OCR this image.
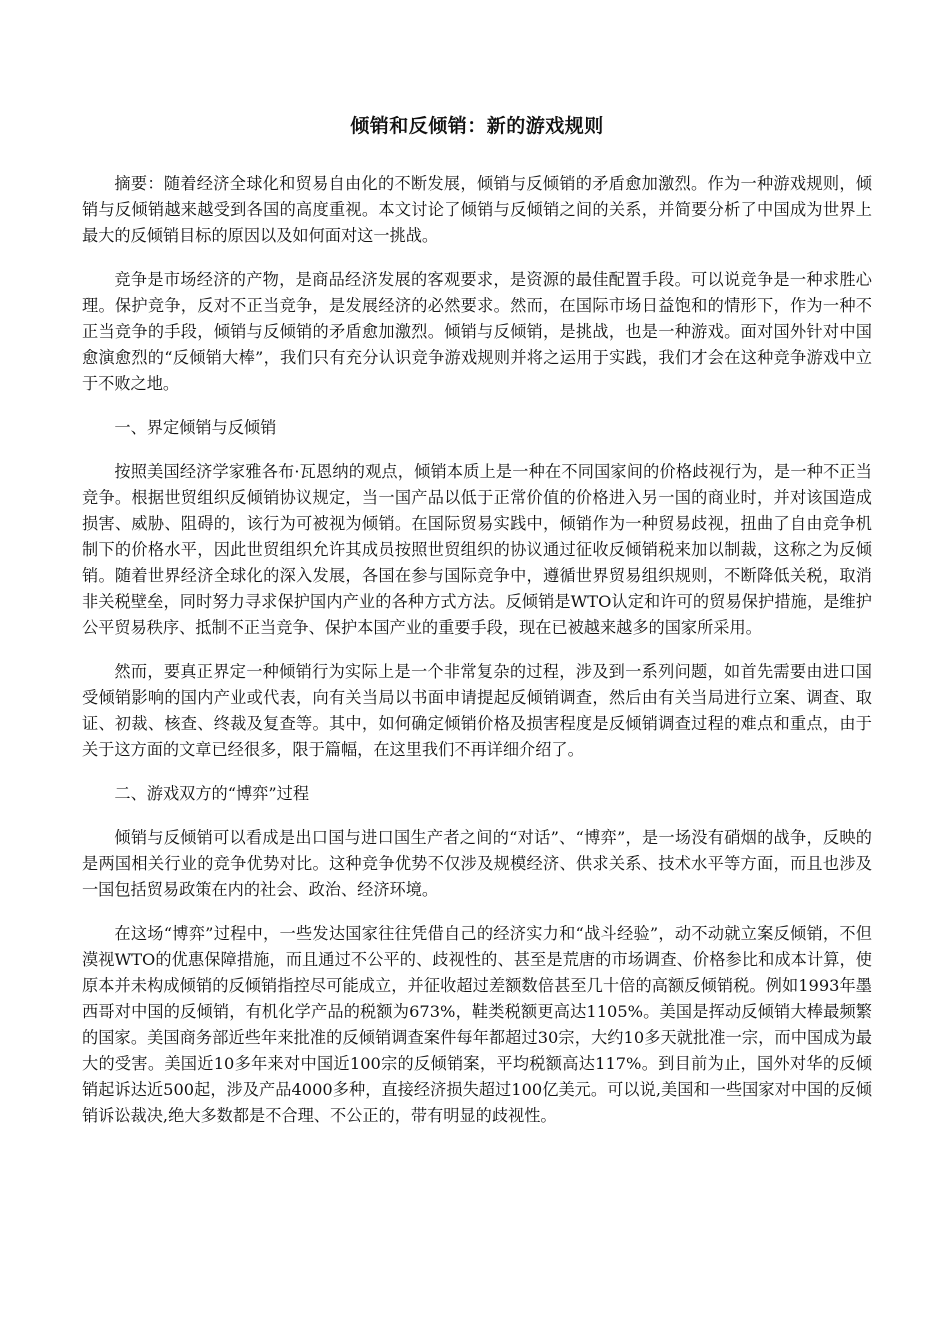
倾销和反倾销：新的游戏规则

摘要：随着经济全球化和贸易自由化的不断发展，倾销与反倾销的矛盾愈加激烈。作为一种游戏规则，倾销与反倾销越来越受到各国的高度重视。本文讨论了倾销与反倾销之间的关系，并简要分析了中国成为世界上最大的反倾销目标的原因以及如何面对这一挑战。

竞争是市场经济的产物，是商品经济发展的客观要求，是资源的最佳配置手段。可以说竞争是一种求胜心理。保护竞争，反对不正当竞争，是发展经济的必然要求。然而，在国际市场日益饱和的情形下，作为一种不正当竞争的手段，倾销与反倾销的矛盾愈加激烈。倾销与反倾销，是挑战，也是一种游戏。面对国外针对中国愈演愈烈的“反倾销大棒”，我们只有充分认识竞争游戏规则并将之运用于实践，我们才会在这种竞争游戏中立于不败之地。

一、界定倾销与反倾销

按照美国经济学家雅各布·瓦恩纳的观点，倾销本质上是一种在不同国家间的价格歧视行为，是一种不正当竞争。根据世贸组织反倾销协议规定，当一国产品以低于正常价值的价格进入另一国的商业时，并对该国造成损害、威胁、阻碍的，该行为可被视为倾销。在国际贸易实践中，倾销作为一种贸易歧视，扭曲了自由竞争机制下的价格水平，因此世贸组织允许其成员按照世贸组织的协议通过征收反倾销税来加以制裁，这称之为反倾销。随着世界经济全球化的深入发展，各国在参与国际竞争中，遵循世界贸易组织规则，不断降低关税，取消非关税壁垒，同时努力寻求保护国内产业的各种方式方法。反倾销是WTO认定和许可的贸易保护措施，是维护公平贸易秩序、抵制不正当竞争、保护本国产业的重要手段，现在已被越来越多的国家所采用。

然而，要真正界定一种倾销行为实际上是一个非常复杂的过程，涉及到一系列问题，如首先需要由进口国受倾销影响的国内产业或代表，向有关当局以书面申请提起反倾销调查，然后由有关当局进行立案、调查、取证、初裁、核查、终裁及复查等。其中，如何确定倾销价格及损害程度是反倾销调查过程的难点和重点，由于关于这方面的文章已经很多，限于篇幅，在这里我们不再详细介绍了。

二、游戏双方的“博弈”过程

倾销与反倾销可以看成是出口国与进口国生产者之间的“对话”、“博弈”，是一场没有硝烟的战争，反映的是两国相关行业的竞争优势对比。这种竞争优势不仅涉及规模经济、供求关系、技术水平等方面，而且也涉及一国包括贸易政策在内的社会、政治、经济环境。

在这场“博弈”过程中，一些发达国家往往凭借自己的经济实力和“战斗经验”，动不动就立案反倾销，不但漠视WTO的优惠保障措施，而且通过不公平的、歧视性的、甚至是荒唐的市场调查、价格参比和成本计算，使原本并未构成倾销的反倾销指控尽可能成立，并征收超过差额数倍甚至几十倍的高额反倾销税。例如1993年墨西哥对中国的反倾销，有机化学产品的税额为673%，鞋类税额更高达1105%。美国是挥动反倾销大棒最频繁的国家。美国商务部近些年来批准的反倾销调查案件每年都超过30宗，大约10多天就批准一宗，而中国成为最大的受害。美国近10多年来对中国近100宗的反倾销案，平均税额高达117%。到目前为止，国外对华的反倾销起诉达近500起，涉及产品4000多种，直接经济损失超过100亿美元。可以说,美国和一些国家对中国的反倾销诉讼裁决,绝大多数都是不合理、不公正的，带有明显的歧视性。
